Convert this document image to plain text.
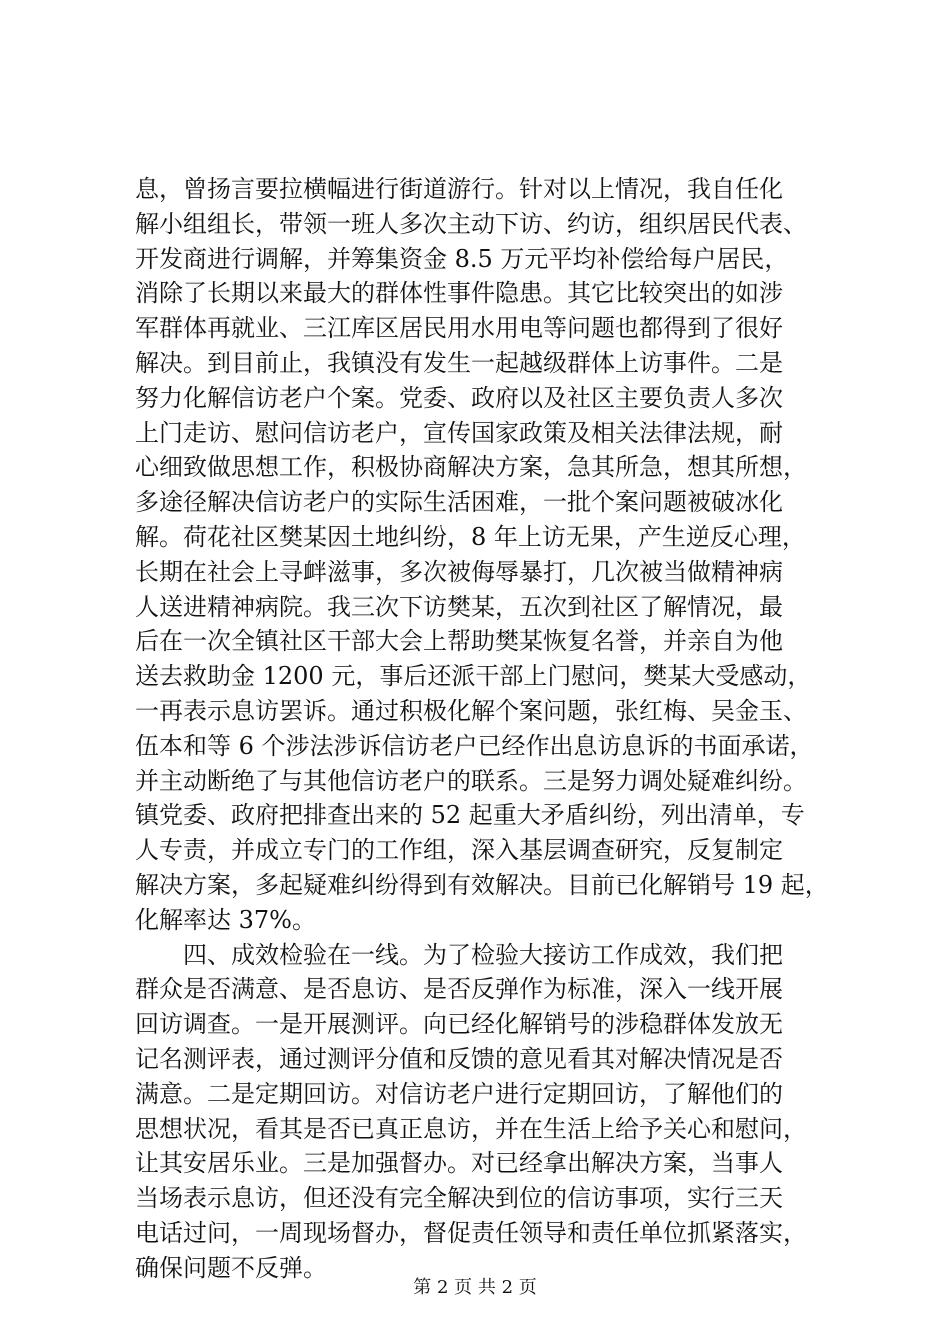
息，曾扬言要拉横幅进行街道游行。针对以上情况，我自任化
解小组组长，带领一班人多次主动下访、约访，组织居民代表、
开发商进行调解，并筹集资金 8.5 万元平均补偿给每户居民，
消除了长期以来最大的群体性事件隐患。其它比较突出的如涉
军群体再就业、三江库区居民用水用电等问题也都得到了很好
解决。到目前止，我镇没有发生一起越级群体上访事件。二是
努力化解信访老户个案。党委、政府以及社区主要负责人多次
上门走访、慰问信访老户，宣传国家政策及相关法律法规，耐
心细致做思想工作，积极协商解决方案，急其所急，想其所想，
多途径解决信访老户的实际生活困难，一批个案问题被破冰化
解。荷花社区樊某因土地纠纷，8 年上访无果，产生逆反心理，
长期在社会上寻衅滋事，多次被侮辱暴打，几次被当做精神病
人送进精神病院。我三次下访樊某，五次到社区了解情况，最
后在一次全镇社区干部大会上帮助樊某恢复名誉，并亲自为他
送去救助金 1200 元，事后还派干部上门慰问，樊某大受感动，
一再表示息访罢诉。通过积极化解个案问题，张红梅、吴金玉、
伍本和等 6 个涉法涉诉信访老户已经作出息访息诉的书面承诺，
并主动断绝了与其他信访老户的联系。三是努力调处疑难纠纷。
镇党委、政府把排查出来的 52 起重大矛盾纠纷，列出清单，专
人专责，并成立专门的工作组，深入基层调查研究，反复制定
解决方案，多起疑难纠纷得到有效解决。目前已化解销号 19 起，
化解率达 37%。
　　四、成效检验在一线。为了检验大接访工作成效，我们把
群众是否满意、是否息访、是否反弹作为标准，深入一线开展
回访调查。一是开展测评。向已经化解销号的涉稳群体发放无
记名测评表，通过测评分值和反馈的意见看其对解决情况是否
满意。二是定期回访。对信访老户进行定期回访，了解他们的
思想状况，看其是否已真正息访，并在生活上给予关心和慰问，
让其安居乐业。三是加强督办。对已经拿出解决方案，当事人
当场表示息访，但还没有完全解决到位的信访事项，实行三天
电话过问，一周现场督办，督促责任领导和责任单位抓紧落实，
确保问题不反弹。
第 2 页 共 2 页
